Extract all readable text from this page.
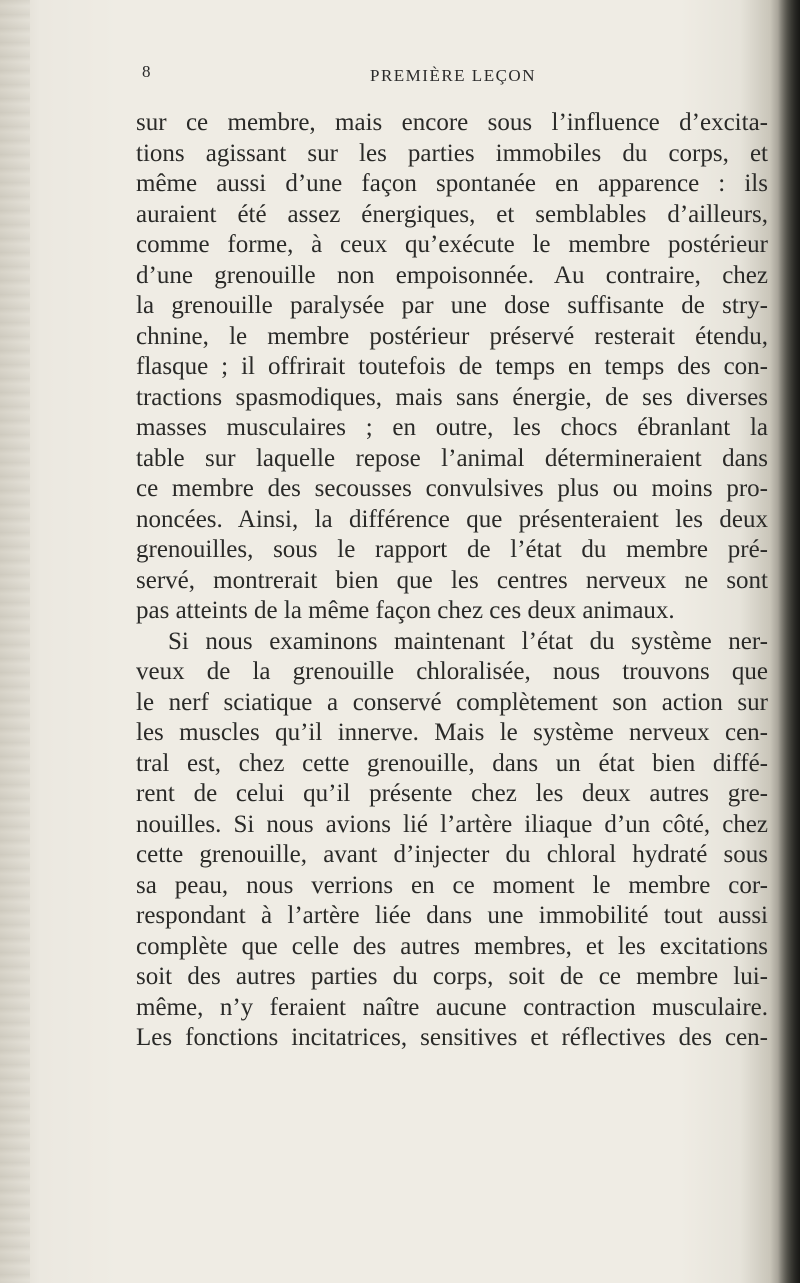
8	PREMIÈRE LEÇON
sur ce membre, mais encore sous l’influence d’excita-
tions agissant sur les parties immobiles du corps, et
même aussi d’une façon spontanée en apparence : ils
auraient été assez énergiques, et semblables d’ailleurs,
comme forme, à ceux qu’exécute le membre postérieur
d’une grenouille non empoisonnée. Au contraire, chez
la grenouille paralysée par une dose suffisante de stry-
chnine, le membre postérieur préservé resterait étendu,
flasque ; il offrirait toutefois de temps en temps des con-
tractions spasmodiques, mais sans énergie, de ses diverses
masses musculaires ; en outre, les chocs ébranlant la
table sur laquelle repose l’animal détermineraient dans
ce membre des secousses convulsives plus ou moins pro-
noncées. Ainsi, la différence que présenteraient les deux
grenouilles, sous le rapport de l’état du membre pré-
servé, montrerait bien que les centres nerveux ne sont
pas atteints de la même façon chez ces deux animaux.
Si nous examinons maintenant l’état du système ner-
veux de la grenouille chloralisée, nous trouvons que
le nerf sciatique a conservé complètement son action sur
les muscles qu’il innerve. Mais le système nerveux cen-
tral est, chez cette grenouille, dans un état bien diffé-
rent de celui qu’il présente chez les deux autres gre-
nouilles. Si nous avions lié l’artère iliaque d’un côté, chez
cette grenouille, avant d’injecter du chloral hydraté sous
sa peau, nous verrions en ce moment le membre cor-
respondant à l’artère liée dans une immobilité tout aussi
complète que celle des autres membres, et les excitations
soit des autres parties du corps, soit de ce membre lui-
même, n’y feraient naître aucune contraction musculaire.
Les fonctions incitatrices, sensitives et réflectives des cen-
